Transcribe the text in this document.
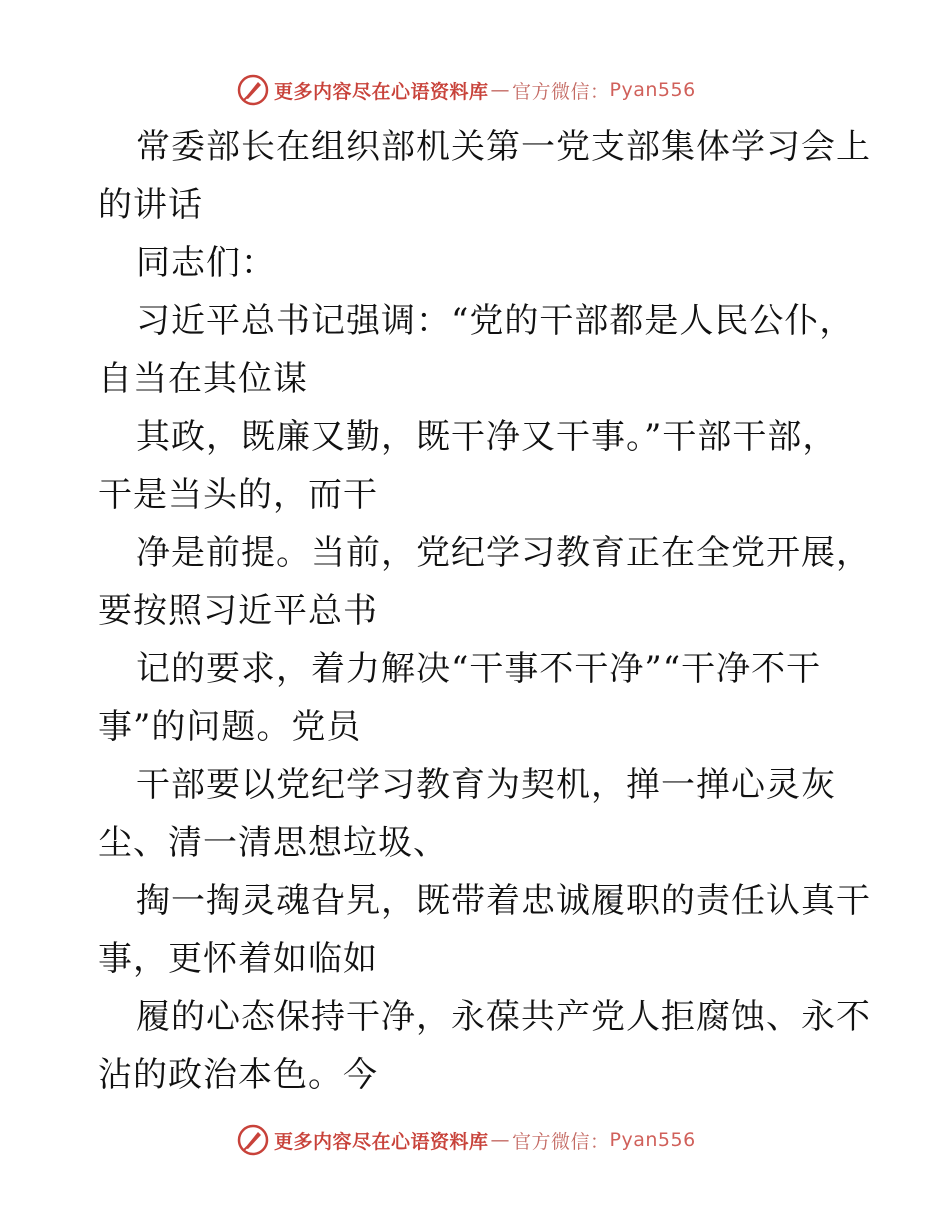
更多内容尽在心语资料库 — 官方微信： Pyan556
常委部长在组织部机关第一党支部集体学习会上
的讲话
同志们：
习近平总书记强调：“党的干部都是人民公仆，
自当在其位谋
其政，既廉又勤，既干净又干事。”干部干部，
干是当头的，而干
净是前提。当前，党纪学习教育正在全党开展，
要按照习近平总书
记的要求，着力解决“干事不干净”“干净不干
事”的问题。党员
干部要以党纪学习教育为契机，掸一掸心灵灰
尘、清一清思想垃圾、
掏一掏灵魂旮旯，既带着忠诚履职的责任认真干
事，更怀着如临如
履的心态保持干净，永葆共产党人拒腐蚀、永不
沾的政治本色。今
更多内容尽在心语资料库 — 官方微信： Pyan556
